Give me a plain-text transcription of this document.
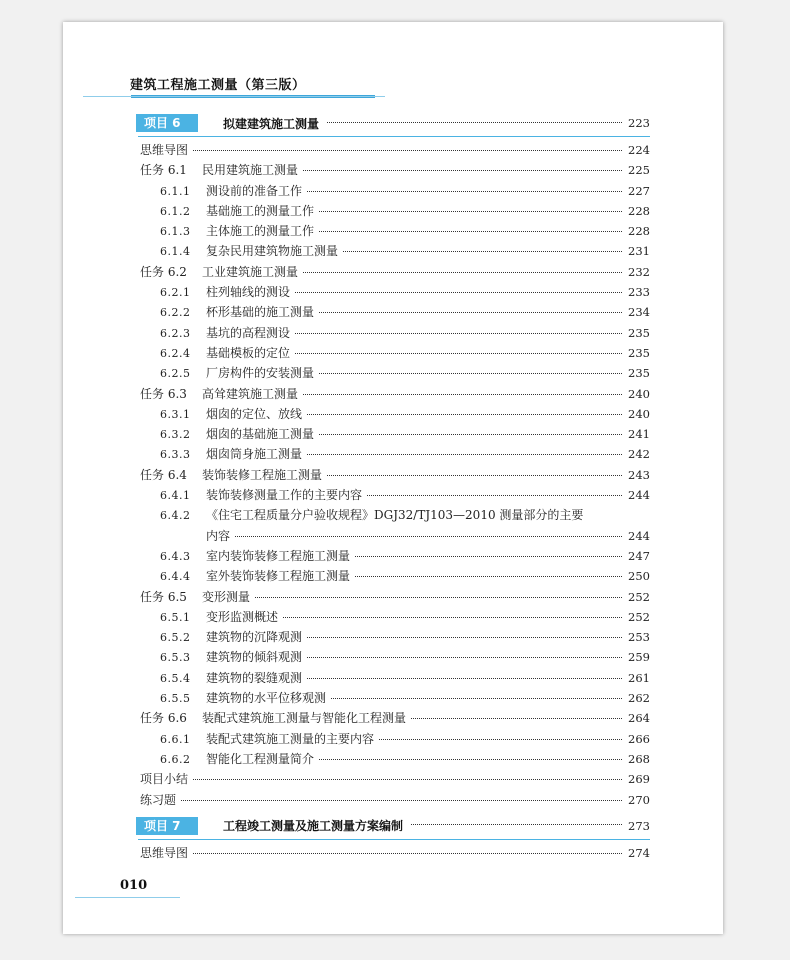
建筑工程施工测量（第三版）
项目 6	拟建建筑施工测量	223
思维导图	224
任务 6.1	民用建筑施工测量	225
6.1.1	测设前的准备工作	227
6.1.2	基础施工的测量工作	228
6.1.3	主体施工的测量工作	228
6.1.4	复杂民用建筑物施工测量	231
任务 6.2	工业建筑施工测量	232
6.2.1	柱列轴线的测设	233
6.2.2	杯形基础的施工测量	234
6.2.3	基坑的高程测设	235
6.2.4	基础模板的定位	235
6.2.5	厂房构件的安装测量	235
任务 6.3	高耸建筑施工测量	240
6.3.1	烟囱的定位、放线	240
6.3.2	烟囱的基础施工测量	241
6.3.3	烟囱筒身施工测量	242
任务 6.4	装饰装修工程施工测量	243
6.4.1	装饰装修测量工作的主要内容	244
6.4.2	《住宅工程质量分户验收规程》DGJ32/TJ103—2010 测量部分的主要
内容	244
6.4.3	室内装饰装修工程施工测量	247
6.4.4	室外装饰装修工程施工测量	250
任务 6.5	变形测量	252
6.5.1	变形监测概述	252
6.5.2	建筑物的沉降观测	253
6.5.3	建筑物的倾斜观测	259
6.5.4	建筑物的裂缝观测	261
6.5.5	建筑物的水平位移观测	262
任务 6.6	装配式建筑施工测量与智能化工程测量	264
6.6.1	装配式建筑施工测量的主要内容	266
6.6.2	智能化工程测量简介	268
项目小结	269
练习题	270
项目 7	工程竣工测量及施工测量方案编制	273
思维导图	274
010
